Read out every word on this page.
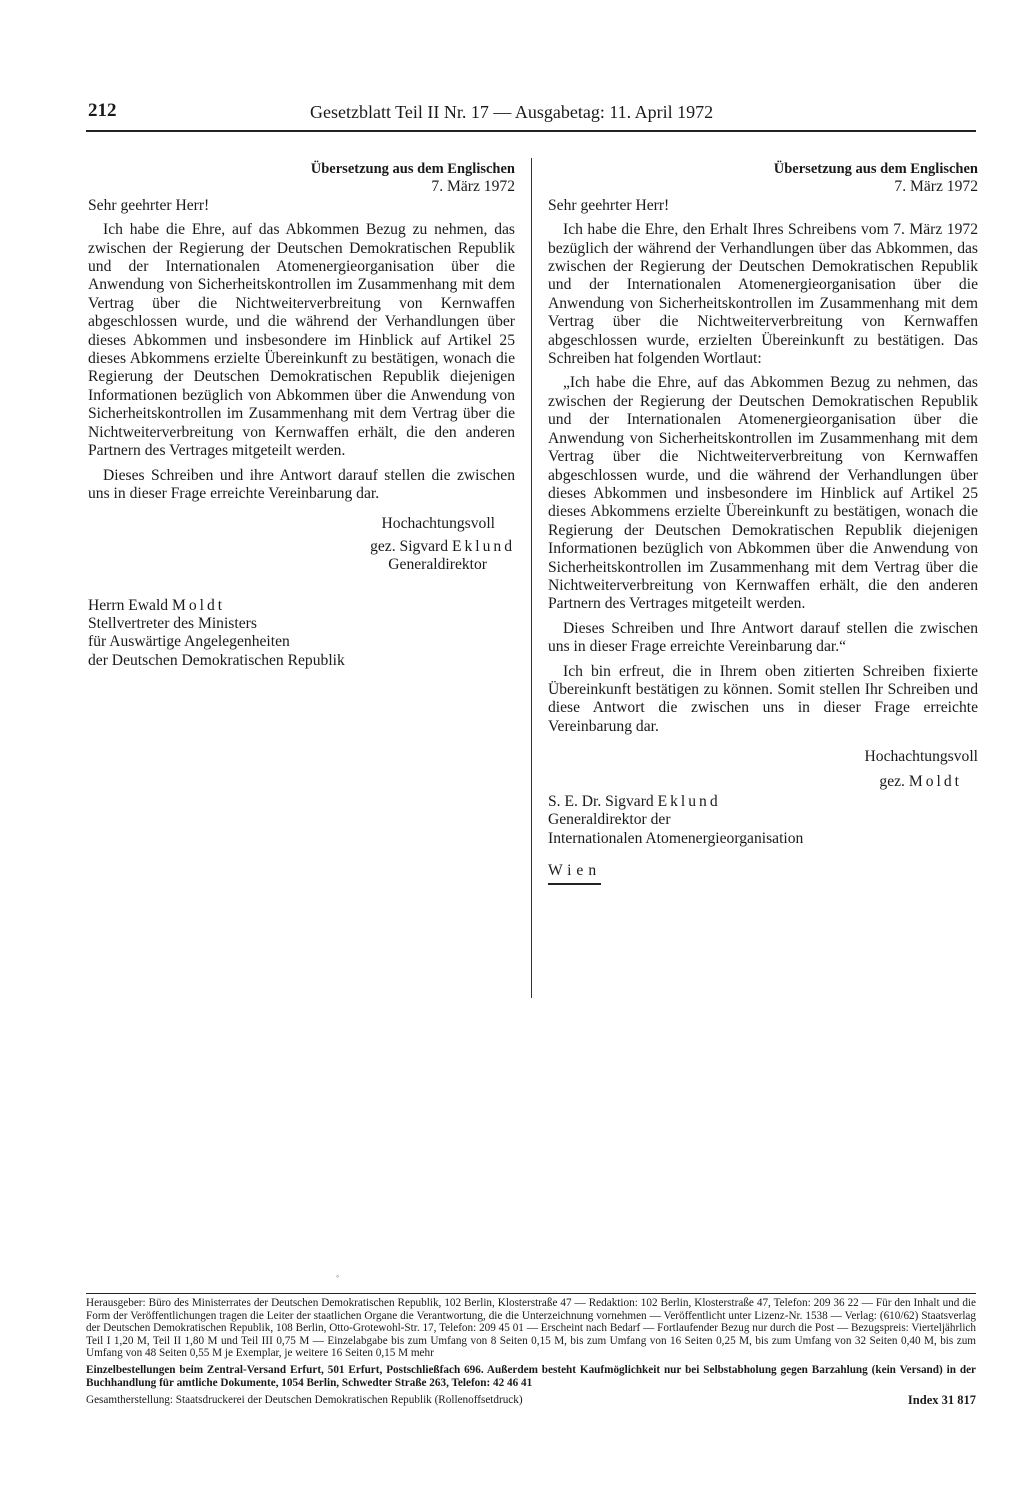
212	Gesetzblatt Teil II Nr. 17 — Ausgabetag: 11. April 1972

Übersetzung aus dem Englischen

7. März 1972

Sehr geehrter Herr!

Ich habe die Ehre, auf das Abkommen Bezug zu nehmen, das zwischen der Regierung der Deutschen Demokratischen Republik und der Internationalen Atomenergieorganisation über die Anwendung von Sicherheitskontrollen im Zusammenhang mit dem Vertrag über die Nichtweiterverbreitung von Kernwaffen abgeschlossen wurde, und die während der Verhandlungen über dieses Abkommen und insbesondere im Hinblick auf Artikel 25 dieses Abkommens erzielte Übereinkunft zu bestätigen, wonach die Regierung der Deutschen Demokratischen Republik diejenigen Informationen bezüglich von Abkommen über die Anwendung von Sicherheitskontrollen im Zusammenhang mit dem Vertrag über die Nichtweiterverbreitung von Kernwaffen erhält, die den anderen Partnern des Vertrages mitgeteilt werden.

Dieses Schreiben und ihre Antwort darauf stellen die zwischen uns in dieser Frage erreichte Vereinbarung dar.

Hochachtungsvoll

gez. Sigvard Eklund

Generaldirektor

Herrn Ewald Moldt

Stellvertreter des Ministers

für Auswärtige Angelegenheiten

der Deutschen Demokratischen Republik

Übersetzung aus dem Englischen

7. März 1972

Sehr geehrter Herr!

Ich habe die Ehre, den Erhalt Ihres Schreibens vom 7. März 1972 bezüglich der während der Verhandlungen über das Abkommen, das zwischen der Regierung der Deutschen Demokratischen Republik und der Internationalen Atomenergieorganisation über die Anwendung von Sicherheitskontrollen im Zusammenhang mit dem Vertrag über die Nichtweiterverbreitung von Kernwaffen abgeschlossen wurde, erzielten Übereinkunft zu bestätigen. Das Schreiben hat folgenden Wortlaut:

„Ich habe die Ehre, auf das Abkommen Bezug zu nehmen, das zwischen der Regierung der Deutschen Demokratischen Republik und der Internationalen Atomenergieorganisation über die Anwendung von Sicherheitskontrollen im Zusammenhang mit dem Vertrag über die Nichtweiterverbreitung von Kernwaffen abgeschlossen wurde, und die während der Verhandlungen über dieses Abkommen und insbesondere im Hinblick auf Artikel 25 dieses Abkommens erzielte Übereinkunft zu bestätigen, wonach die Regierung der Deutschen Demokratischen Republik diejenigen Informationen bezüglich von Abkommen über die Anwendung von Sicherheitskontrollen im Zusammenhang mit dem Vertrag über die Nichtweiterverbreitung von Kernwaffen erhält, die den anderen Partnern des Vertrages mitgeteilt werden.

Dieses Schreiben und Ihre Antwort darauf stellen die zwischen uns in dieser Frage erreichte Vereinbarung dar.“

Ich bin erfreut, die in Ihrem oben zitierten Schreiben fixierte Übereinkunft bestätigen zu können. Somit stellen Ihr Schreiben und diese Antwort die zwischen uns in dieser Frage erreichte Vereinbarung dar.

Hochachtungsvoll

gez. Moldt

S. E. Dr. Sigvard Eklund

Generaldirektor der

Internationalen Atomenergieorganisation

Wien

◦

Herausgeber: Büro des Ministerrates der Deutschen Demokratischen Republik, 102 Berlin, Klosterstraße 47 — Redaktion: 102 Berlin, Klosterstraße 47, Telefon: 209 36 22 — Für den Inhalt und die Form der Veröffentlichungen tragen die Leiter der staatlichen Organe die Verantwortung, die die Unterzeichnung vornehmen — Veröffentlicht unter Lizenz-Nr. 1538 — Verlag: (610/62) Staatsverlag der Deutschen Demokratischen Republik, 108 Berlin, Otto-Grotewohl-Str. 17, Telefon: 209 45 01 — Erscheint nach Bedarf — Fortlaufender Bezug nur durch die Post — Bezugspreis: Vierteljährlich Teil I 1,20 M, Teil II 1,80 M und Teil III 0,75 M — Einzelabgabe bis zum Umfang von 8 Seiten 0,15 M, bis zum Umfang von 16 Seiten 0,25 M, bis zum Umfang von 32 Seiten 0,40 M, bis zum Umfang von 48 Seiten 0,55 M je Exemplar, je weitere 16 Seiten 0,15 M mehr

Einzelbestellungen beim Zentral-Versand Erfurt, 501 Erfurt, Postschließfach 696. Außerdem besteht Kaufmöglichkeit nur bei Selbstabholung gegen Barzahlung (kein Versand) in der Buchhandlung für amtliche Dokumente, 1054 Berlin, Schwedter Straße 263, Telefon: 42 46 41

Gesamtherstellung: Staatsdruckerei der Deutschen Demokratischen Republik (Rollenoffsetdruck)	Index 31 817
